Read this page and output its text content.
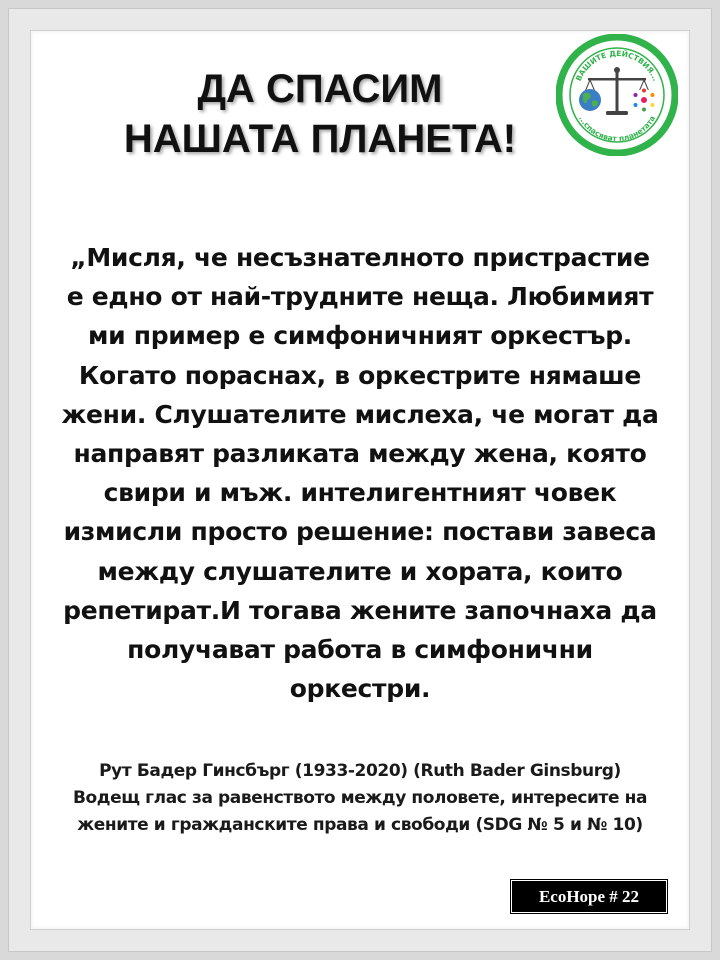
ДА СПАСИМ
НАШАТА ПЛАНЕТА!
ВАШИТЕ ДЕЙСТВИЯ...
...спасяват планетата
„Мисля, че несъзнателното пристрастие
е едно от най-трудните неща. Любимият
ми пример е симфоничният оркестър.
Когато пораснах, в оркестрите нямаше
жени. Слушателите мислеха, че могат да
направят разликата между жена, която
свири и мъж. интелигентният човек
измисли просто решение: постави завеса
между слушателите и хората, които
репетират.И тогава жените започнаха да
получават работа в симфонични
оркестри.
Рут Бадер Гинсбърг (1933-2020) (Ruth Bader Ginsburg)
Водещ глас за равенството между половете, интересите на
жените и гражданските права и свободи (SDG № 5 и № 10)
EcoHope # 22
